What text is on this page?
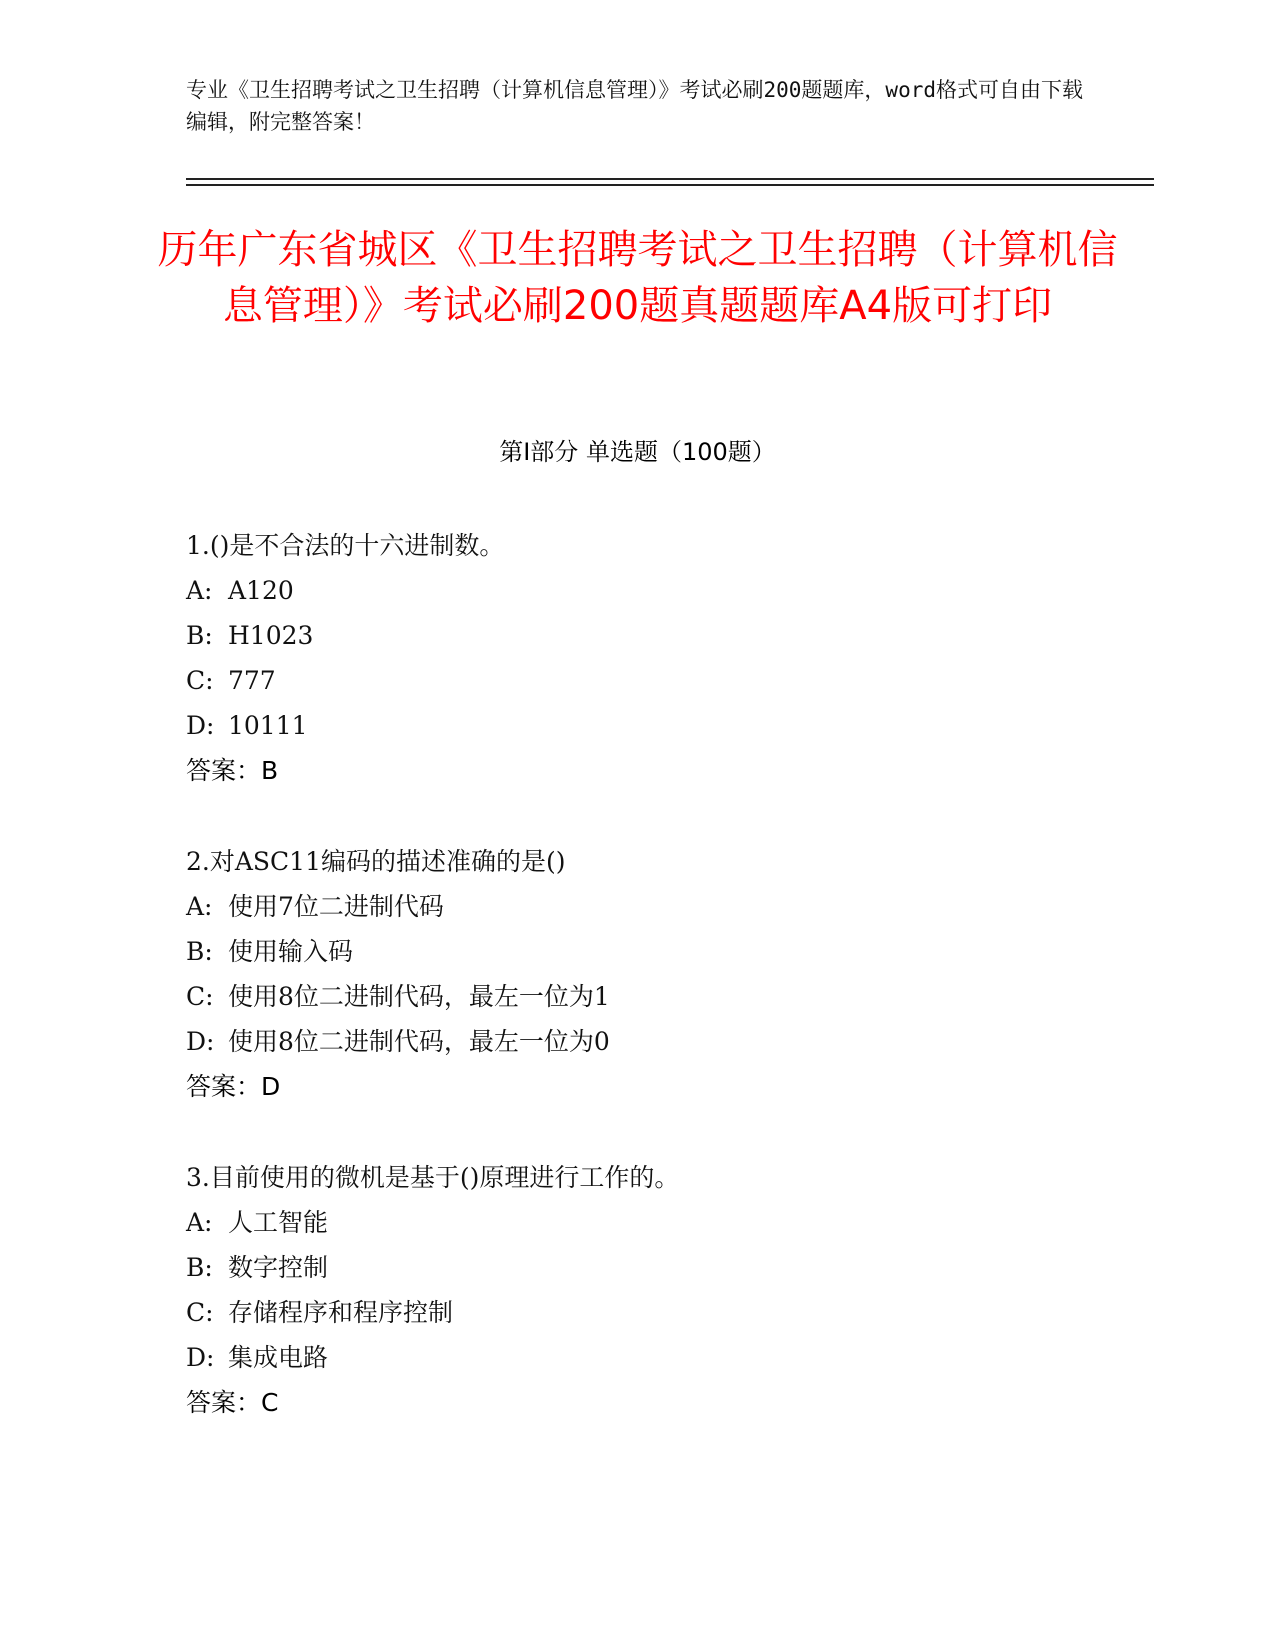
专业《卫生招聘考试之卫生招聘（计算机信息管理）》考试必刷200题题库，word格式可自由下载编辑，附完整答案！
历年广东省城区《卫生招聘考试之卫生招聘（计算机信息管理）》考试必刷200题真题题库A4版可打印
第Ⅰ部分 单选题（100题）
1.()是不合法的十六进制数。
A: A120
B: H1023
C: 777
D: 10111
答案：B
2.对ASC11编码的描述准确的是()
A: 使用7位二进制代码
B: 使用输入码
C: 使用8位二进制代码，最左一位为1
D: 使用8位二进制代码，最左一位为0
答案：D
3.目前使用的微机是基于()原理进行工作的。
A: 人工智能
B: 数字控制
C: 存储程序和程序控制
D: 集成电路
答案：C
